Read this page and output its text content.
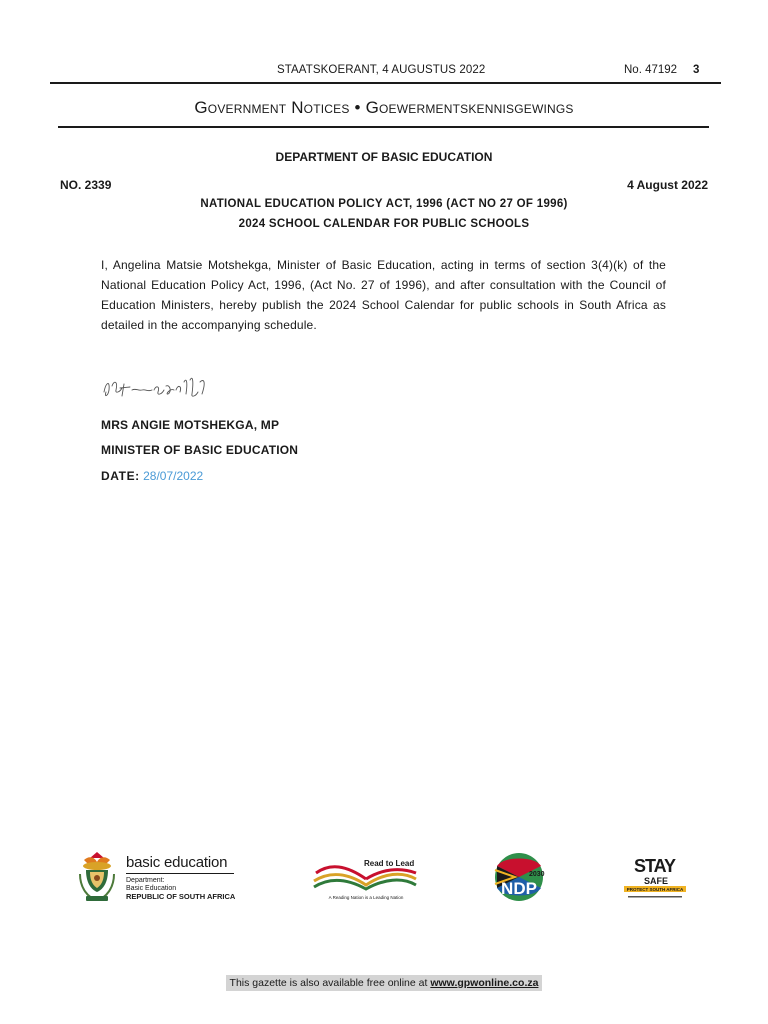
STAATSKOERANT, 4 AUGUSTUS 2022	No. 47192 3
Government Notices • Goewermentskennisgewings
DEPARTMENT OF BASIC EDUCATION
NO. 2339	4 August 2022
NATIONAL EDUCATION POLICY ACT, 1996 (ACT NO 27 OF 1996)
2024 SCHOOL CALENDAR FOR PUBLIC SCHOOLS
I, Angelina Matsie Motshekga, Minister of Basic Education, acting in terms of section 3(4)(k) of the National Education Policy Act, 1996, (Act No. 27 of 1996), and after consultation with the Council of Education Ministers, hereby publish the 2024 School Calendar for public schools in South Africa as detailed in the accompanying schedule.
MRS ANGIE MOTSHEKGA, MP
MINISTER OF BASIC EDUCATION
DATE: 28/07/2022
basic education
Department:
Basic Education
REPUBLIC OF SOUTH AFRICA
Read to Lead
A Reading Nation is a Leading Nation
2030
NDP
STAY
SAFE
PROTECT SOUTH AFRICA
This gazette is also available free online at www.gpwonline.co.za
